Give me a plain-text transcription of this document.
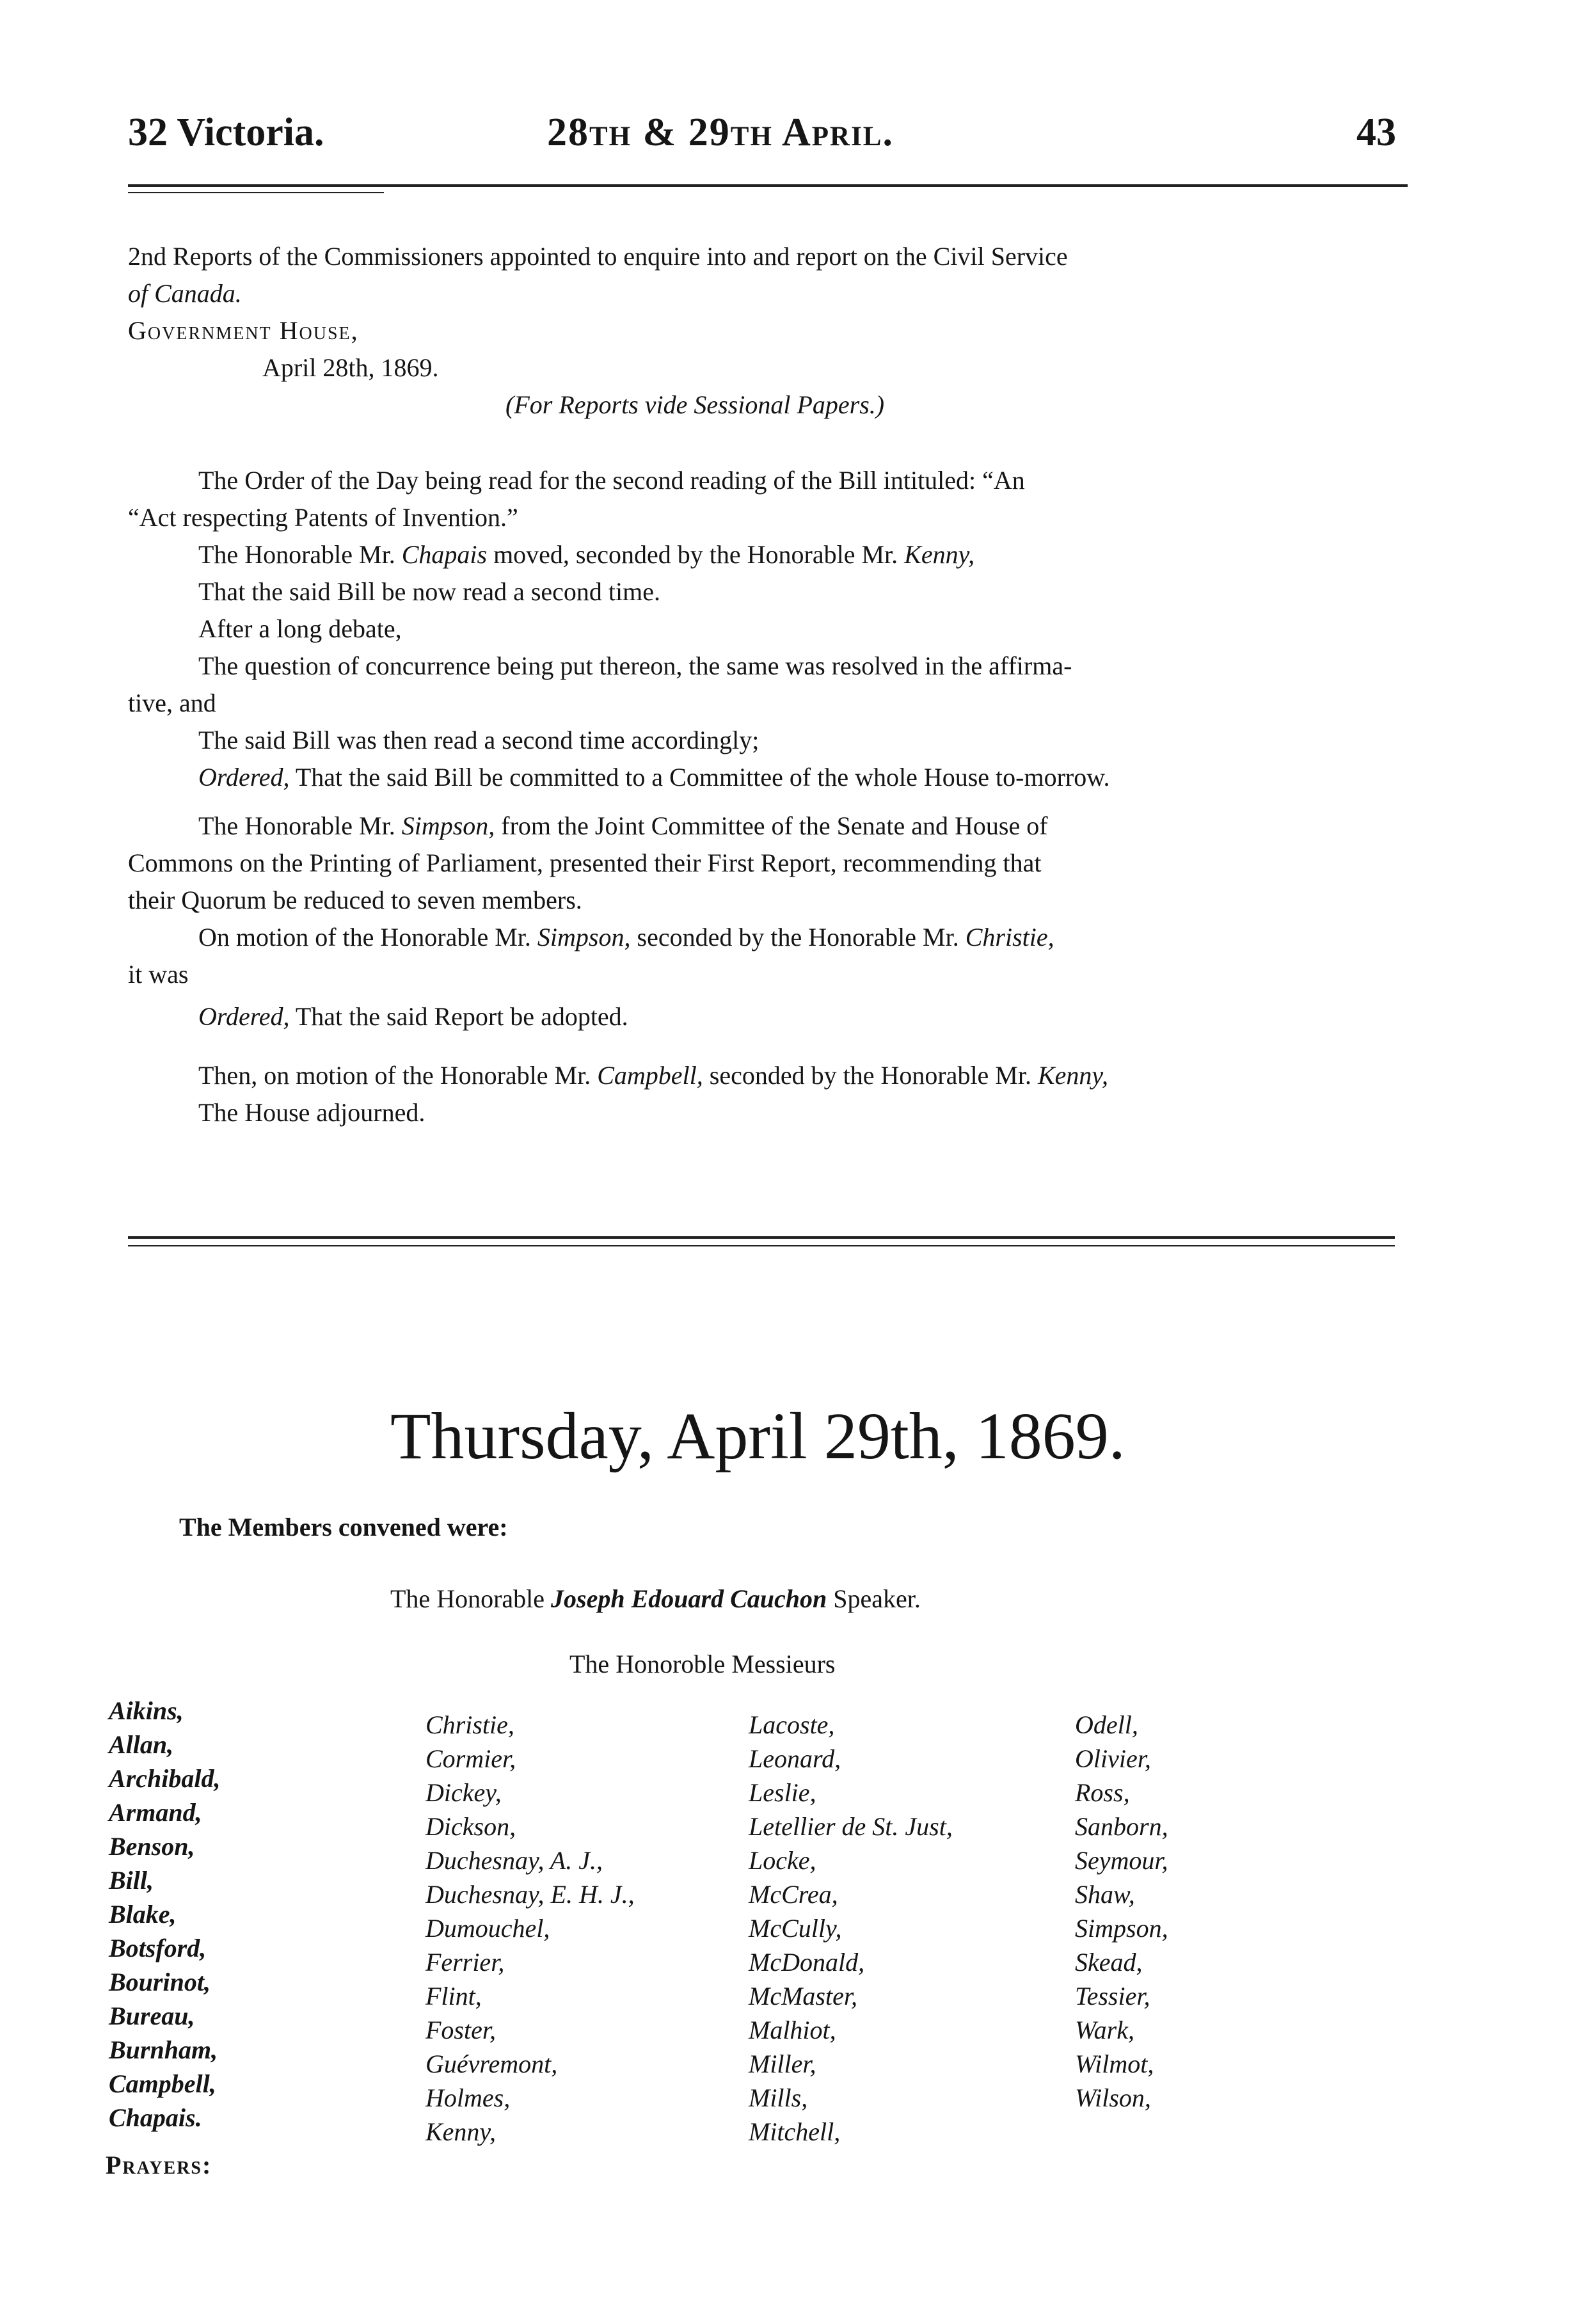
32 Victoria.	28th & 29th April.	43
2nd Reports of the Commissioners appointed to enquire into and report on the Civil Service
of Canada.
Government House,
April 28th, 1869.
(For Reports vide Sessional Papers.)
The Order of the Day being read for the second reading of the Bill intituled: “An
“Act respecting Patents of Invention.”
The Honorable Mr. Chapais moved, seconded by the Honorable Mr. Kenny,
That the said Bill be now read a second time.
After a long debate,
The question of concurrence being put thereon, the same was resolved in the affirma-
tive, and
The said Bill was then read a second time accordingly;
Ordered, That the said Bill be committed to a Committee of the whole House to-morrow.
The Honorable Mr. Simpson, from the Joint Committee of the Senate and House of
Commons on the Printing of Parliament, presented their First Report, recommending that
their Quorum be reduced to seven members.
On motion of the Honorable Mr. Simpson, seconded by the Honorable Mr. Christie,
it was
Ordered, That the said Report be adopted.
Then, on motion of the Honorable Mr. Campbell, seconded by the Honorable Mr. Kenny,
The House adjourned.
Thursday, April 29th, 1869.
The Members convened were:
The Honorable Joseph Edouard Cauchon Speaker.
The Honoroble Messieurs
Aikins,
Allan,
Archibald,
Armand,
Benson,
Bill,
Blake,
Botsford,
Bourinot,
Bureau,
Burnham,
Campbell,
Chapais.
Christie,
Cormier,
Dickey,
Dickson,
Duchesnay, A. J.,
Duchesnay, E. H. J.,
Dumouchel,
Ferrier,
Flint,
Foster,
Guévremont,
Holmes,
Kenny,
Lacoste,
Leonard,
Leslie,
Letellier de St. Just,
Locke,
McCrea,
McCully,
McDonald,
McMaster,
Malhiot,
Miller,
Mills,
Mitchell,
Odell,
Olivier,
Ross,
Sanborn,
Seymour,
Shaw,
Simpson,
Skead,
Tessier,
Wark,
Wilmot,
Wilson,
Prayers:
